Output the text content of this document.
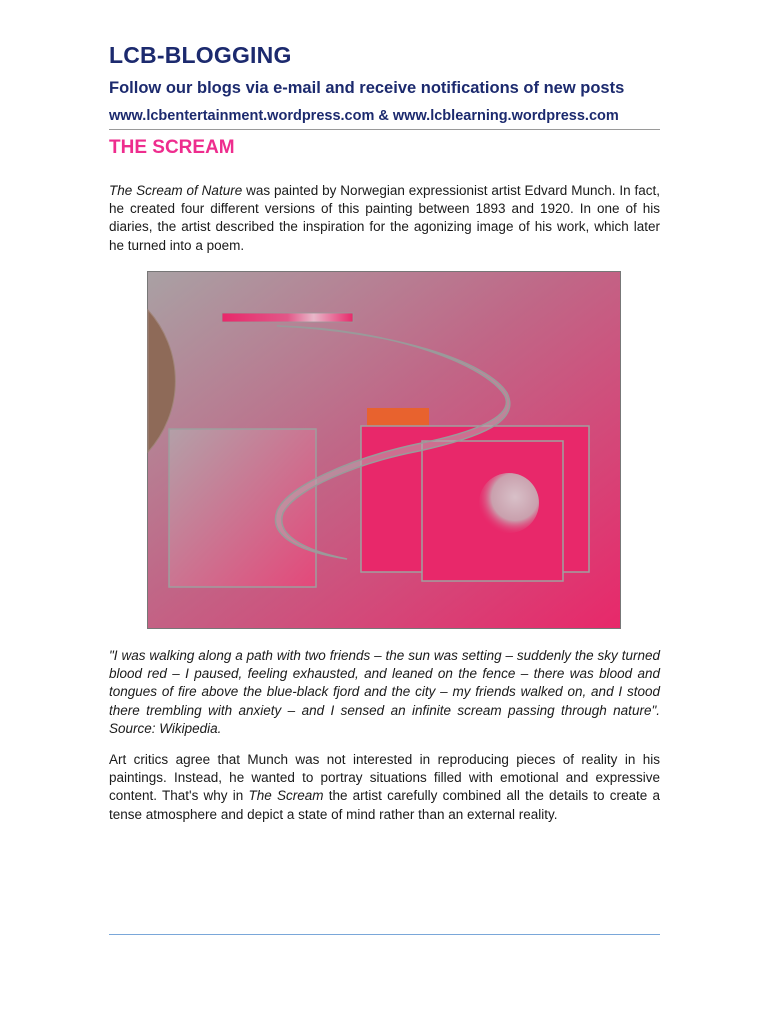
LCB-BLOGGING
Follow our blogs via e-mail and receive notifications of new posts
www.lcbentertainment.wordpress.com & www.lcblearning.wordpress.com
THE SCREAM

The Scream of Nature was painted by Norwegian expressionist artist Edvard Munch. In fact, he created four different versions of this painting between 1893 and 1920. In one of his diaries, the artist described the inspiration for the agonizing image of his work, which later he turned into a poem.

"I was walking along a path with two friends – the sun was setting – suddenly the sky turned blood red – I paused, feeling exhausted, and leaned on the fence – there was blood and tongues of fire above the blue-black fjord and the city – my friends walked on, and I stood there trembling with anxiety – and I sensed an infinite scream passing through nature". Source: Wikipedia.

Art critics agree that Munch was not interested in reproducing pieces of reality in his paintings. Instead, he wanted to portray situations filled with emotional and expressive content. That's why in The Scream the artist carefully combined all the details to create a tense atmosphere and depict a state of mind rather than an external reality.
